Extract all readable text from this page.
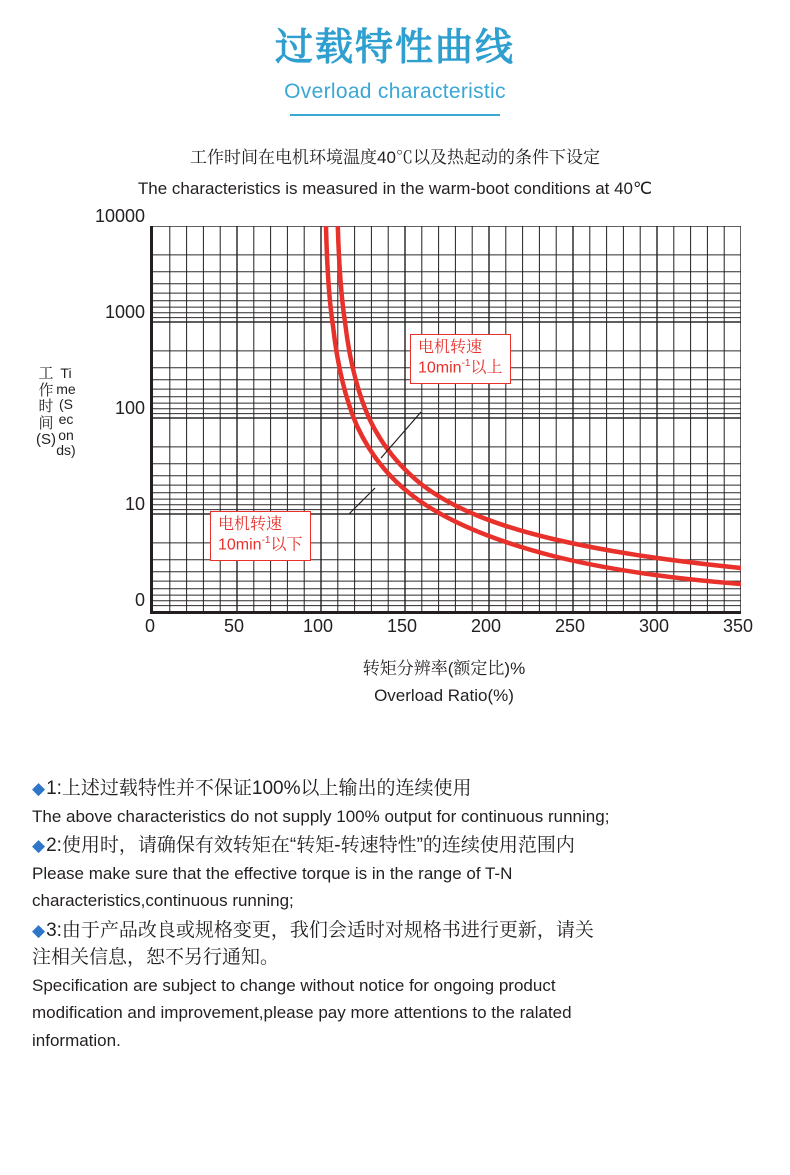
过载特性曲线
Overload characteristic
工作时间在电机环境温度40℃以及热起动的条件下设定
The characteristics is measured in the warm-boot conditions at 40℃
工作时间(S)Time(Seconds)
10000
1000
100
10
0
电机转速
$10\min^{-1}$以上
电机转速
$10\min^{-1}$以下
0	50	100	150	200	250	300	350
转矩分辨率(额定比)%
Overload Ratio(%)
◆1:上述过载特性并不保证100%以上输出的连续使用
The above characteristics do not supply 100% output for continuous running;
◆2:使用时，请确保有效转矩在“转矩-转速特性”的连续使用范围内
Please make sure that the effective torque is in the range of T-N
characteristics,continuous running;
◆3:由于产品改良或规格变更，我们会适时对规格书进行更新，请关
注相关信息，恕不另行通知。
Specification are subject to change without notice for ongoing product
modification and improvement,please pay more attentions to the ralated
information.
